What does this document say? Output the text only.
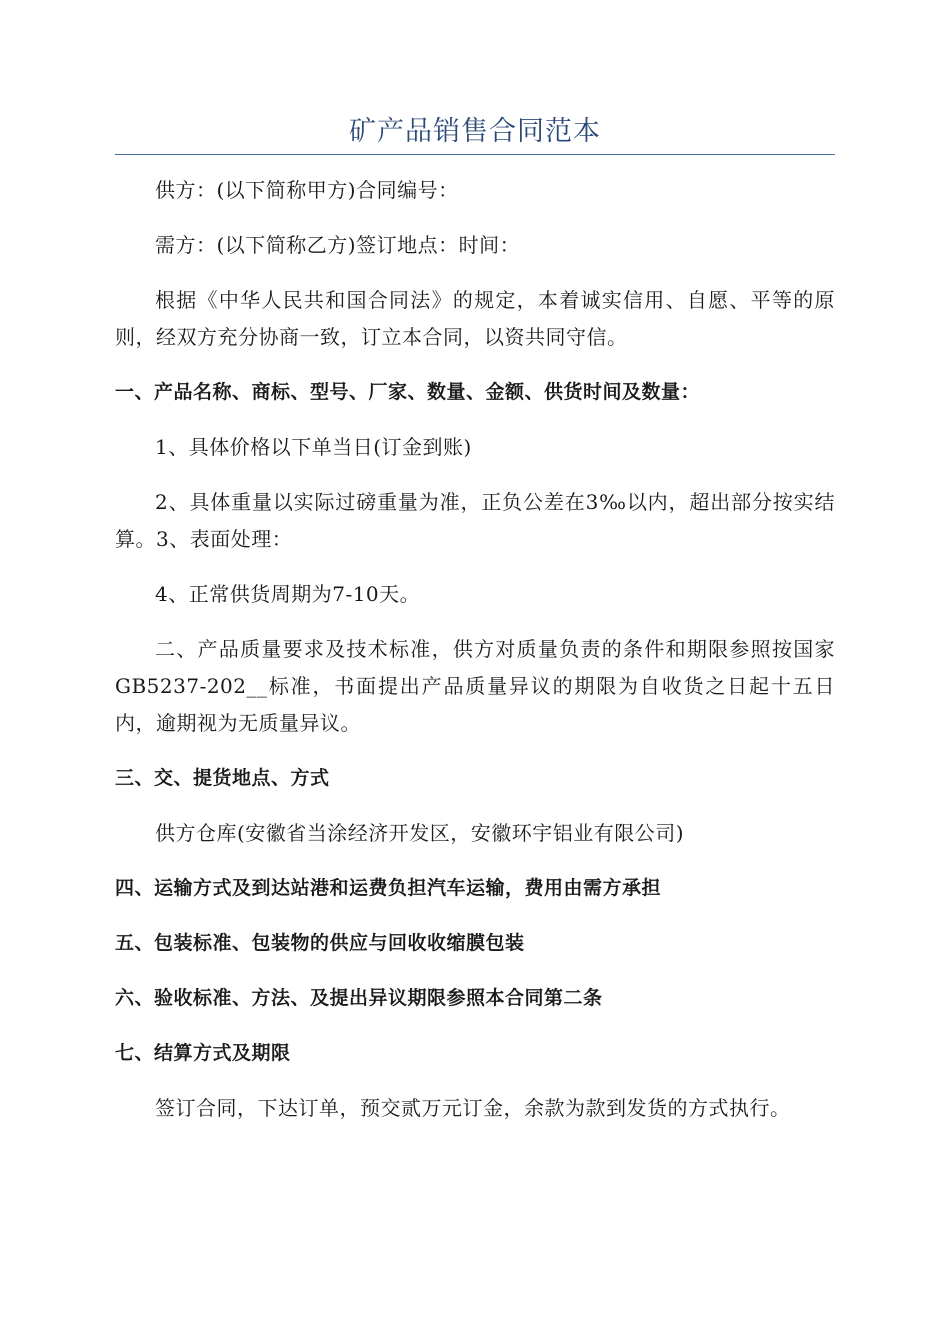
矿产品销售合同范本

供方：(以下简称甲方)合同编号：

需方：(以下简称乙方)签订地点：时间：

根据《中华人民共和国合同法》的规定，本着诚实信用、自愿、平等的原则，经双方充分协商一致，订立本合同，以资共同守信。

一、产品名称、商标、型号、厂家、数量、金额、供货时间及数量：

1、具体价格以下单当日(订金到账)

2、具体重量以实际过磅重量为准，正负公差在3‰以内，超出部分按实结算。3、表面处理：

4、正常供货周期为7-10天。

二、产品质量要求及技术标准，供方对质量负责的条件和期限参照按国家GB5237-202__标准，书面提出产品质量异议的期限为自收货之日起十五日内，逾期视为无质量异议。

三、交、提货地点、方式

供方仓库(安徽省当涂经济开发区，安徽环宇铝业有限公司)

四、运输方式及到达站港和运费负担汽车运输，费用由需方承担
五、包装标准、包装物的供应与回收收缩膜包装
六、验收标准、方法、及提出异议期限参照本合同第二条
七、结算方式及期限

签订合同，下达订单，预交贰万元订金，余款为款到发货的方式执行。
